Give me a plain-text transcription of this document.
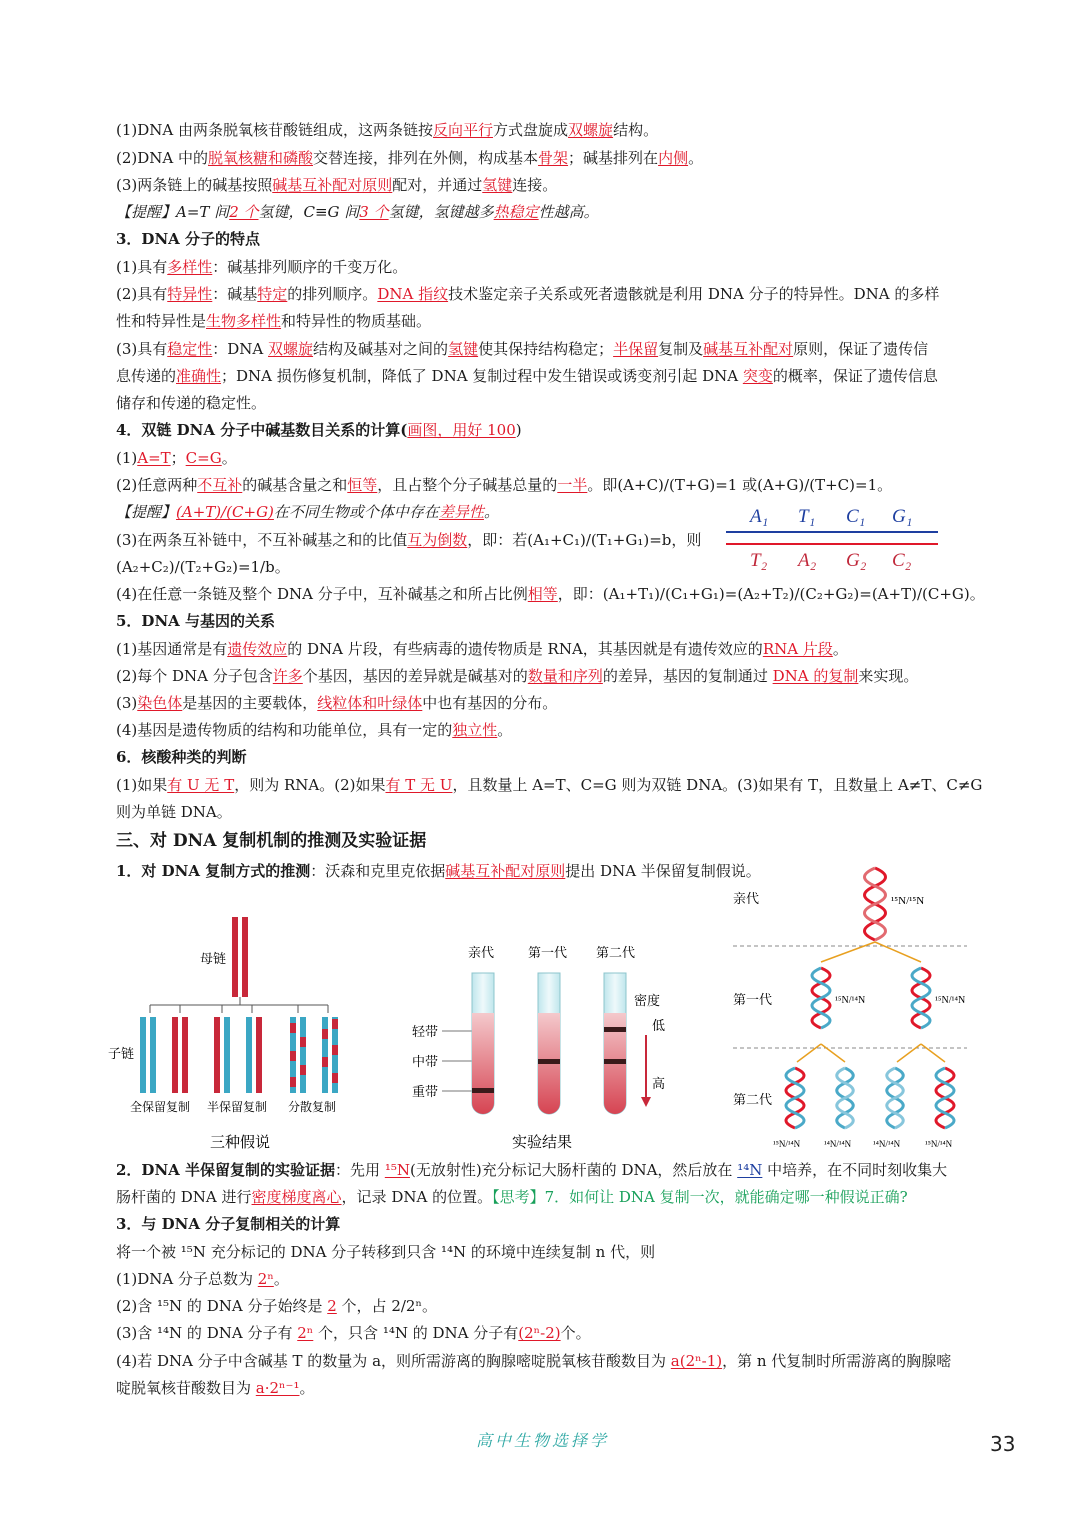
(1)DNA 由两条脱氧核苷酸链组成，这两条链按反向平行方式盘旋成双螺旋结构。
(2)DNA 中的脱氧核糖和磷酸交替连接，排列在外侧，构成基本骨架；碱基排列在内侧。
(3)两条链上的碱基按照碱基互补配对原则配对，并通过氢键连接。
【提醒】A=T 间2 个氢键，C≡G 间3 个氢键，氢键越多热稳定性越高。
3．DNA 分子的特点
(1)具有多样性：碱基排列顺序的千变万化。
(2)具有特异性：碱基特定的排列顺序。DNA 指纹技术鉴定亲子关系或死者遗骸就是利用 DNA 分子的特异性。DNA 的多样
性和特异性是生物多样性和特异性的物质基础。
(3)具有稳定性：DNA 双螺旋结构及碱基对之间的氢键使其保持结构稳定；半保留复制及碱基互补配对原则，保证了遗传信
息传递的准确性；DNA 损伤修复机制，降低了 DNA 复制过程中发生错误或诱变剂引起 DNA 突变的概率，保证了遗传信息
储存和传递的稳定性。
4．双链 DNA 分子中碱基数目关系的计算(画图，用好 100)
(1)A=T；C=G。
(2)任意两种不互补的碱基含量之和恒等，且占整个分子碱基总量的一半。即(A+C)/(T+G)=1 或(A+G)/(T+C)=1。
【提醒】(A+T)/(C+G)在不同生物或个体中存在差异性。
(3)在两条互补链中，不互补碱基之和的比值互为倒数，即：若(A₁+C₁)/(T₁+G₁)=b，则
(A₂+C₂)/(T₂+G₂)=1/b。
A₁ T₁ C₁ G₁
T₂ A₂ G₂ C₂
(4)在任意一条链及整个 DNA 分子中，互补碱基之和所占比例相等，即：(A₁+T₁)/(C₁+G₁)=(A₂+T₂)/(C₂+G₂)=(A+T)/(C+G)。
5．DNA 与基因的关系
(1)基因通常是有遗传效应的 DNA 片段，有些病毒的遗传物质是 RNA，其基因就是有遗传效应的RNA 片段。
(2)每个 DNA 分子包含许多个基因，基因的差异就是碱基对的数量和序列的差异，基因的复制通过 DNA 的复制来实现。
(3)染色体是基因的主要载体，线粒体和叶绿体中也有基因的分布。
(4)基因是遗传物质的结构和功能单位，具有一定的独立性。
6．核酸种类的判断
(1)如果有 U 无 T，则为 RNA。(2)如果有 T 无 U，且数量上 A=T、C=G 则为双链 DNA。(3)如果有 T，且数量上 A≠T、C≠G
则为单链 DNA。
三、对 DNA 复制机制的推测及实验证据
1．对 DNA 复制方式的推测：沃森和克里克依据碱基互补配对原则提出 DNA 半保留复制假说。
母链
子链
全保留复制 半保留复制 分散复制
三种假说
亲代	第一代 第二代
轻带
中带
重带
密度
低
高
实验结果
亲代
第一代
第二代
¹⁵N/¹⁵N
¹⁵N/¹⁴N	¹⁵N/¹⁴N
¹⁵N/¹⁴N	¹⁴N/¹⁴N ¹⁴N/¹⁴N	¹⁵N/¹⁴N
2．DNA 半保留复制的实验证据：先用 ¹⁵N(无放射性)充分标记大肠杆菌的 DNA，然后放在 ¹⁴N 中培养，在不同时刻收集大
肠杆菌的 DNA 进行密度梯度离心，记录 DNA 的位置。【思考】7．如何让 DNA 复制一次，就能确定哪一种假说正确?
3．与 DNA 分子复制相关的计算
将一个被 ¹⁵N 充分标记的 DNA 分子转移到只含 ¹⁴N 的环境中连续复制 n 代，则
(1)DNA 分子总数为 2ⁿ。
(2)含 ¹⁵N 的 DNA 分子始终是 2 个，占 2/2ⁿ。
(3)含 ¹⁴N 的 DNA 分子有 2ⁿ 个，只含 ¹⁴N 的 DNA 分子有(2ⁿ-2)个。
(4)若 DNA 分子中含碱基 T 的数量为 a，则所需游离的胸腺嘧啶脱氧核苷酸数目为 a(2ⁿ-1)，第 n 代复制时所需游离的胸腺嘧
啶脱氧核苷酸数目为 a·2ⁿ⁻¹。
高中生物选择学	33
